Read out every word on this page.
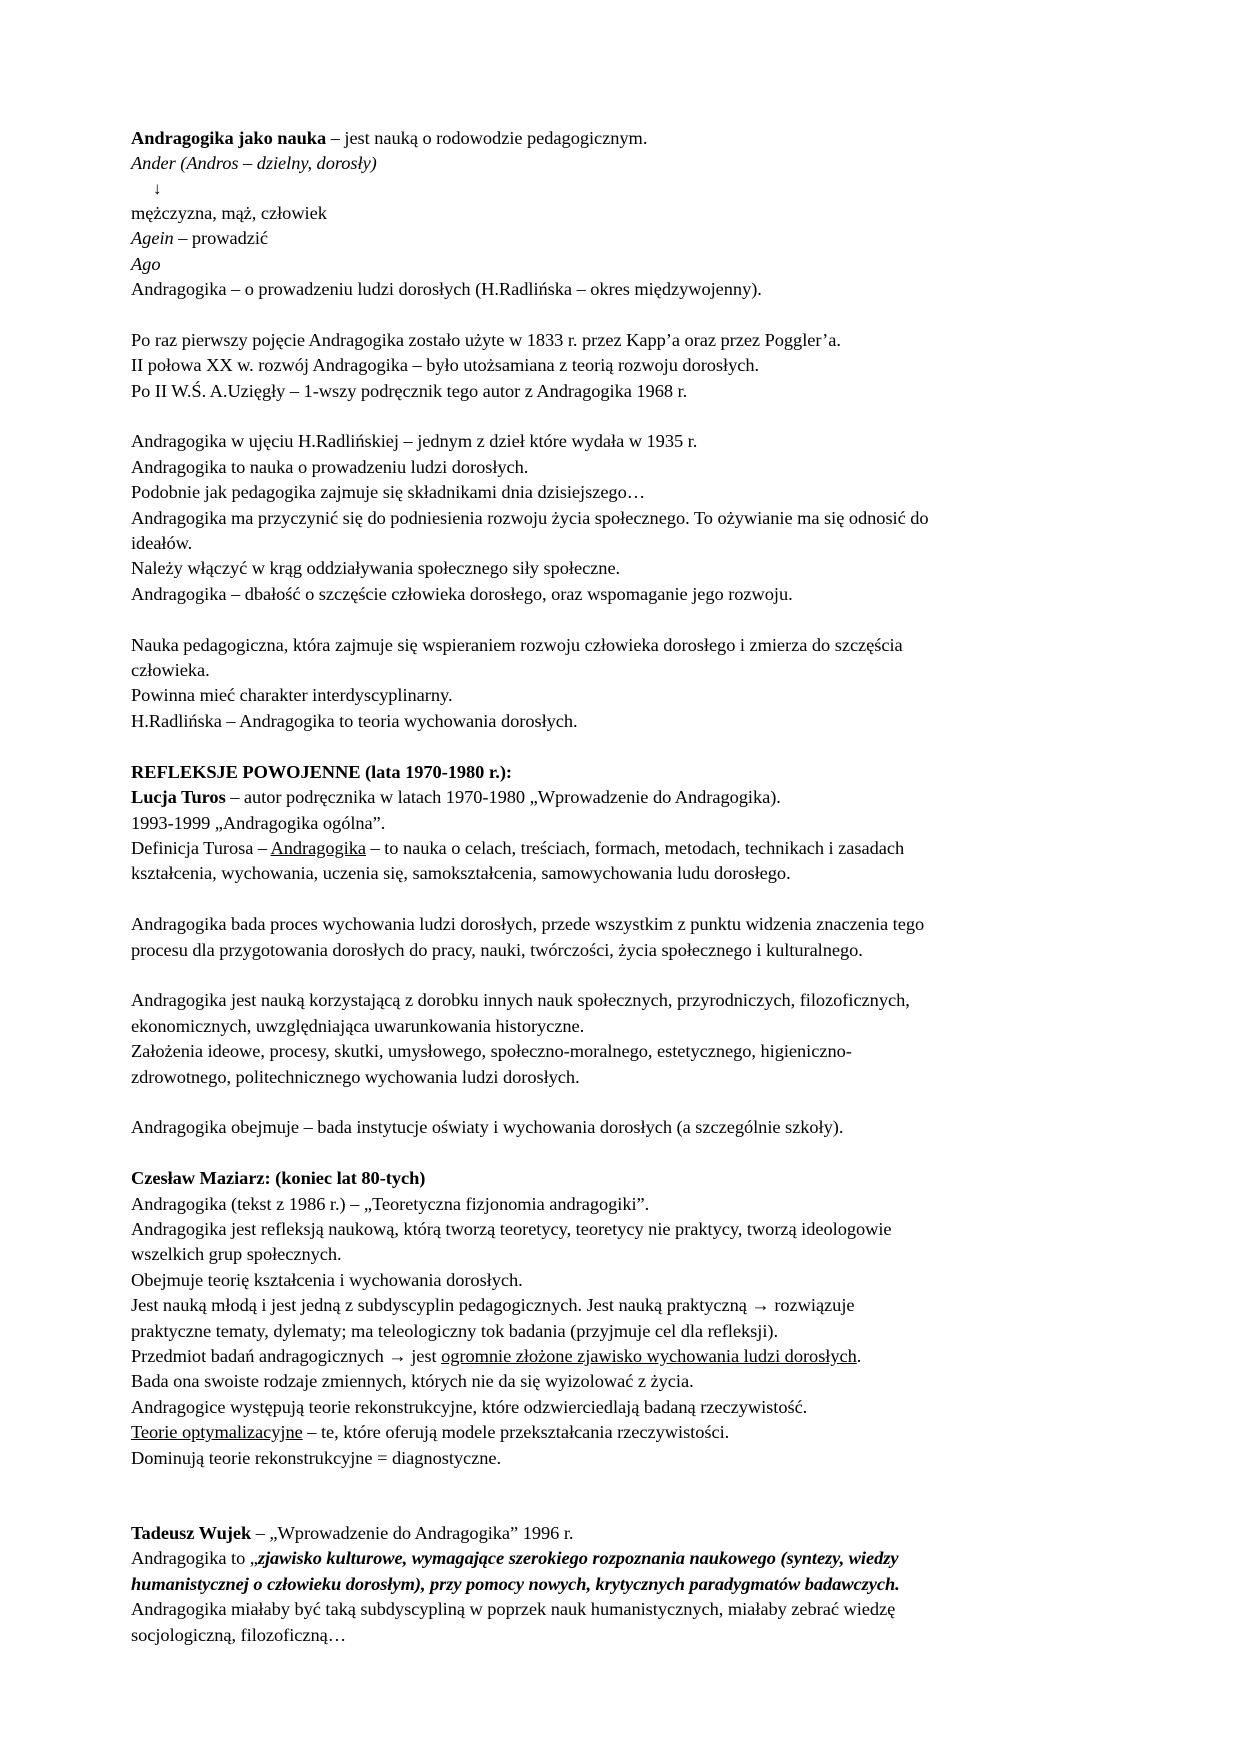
Andragogika jako nauka – jest nauką o rodowodzie pedagogicznym.
Ander (Andros – dzielny, dorosły)
↓
mężczyzna, mąż, człowiek
Agein – prowadzić
Ago
Andragogika – o prowadzeniu ludzi dorosłych (H.Radlińska – okres międzywojenny).
Po raz pierwszy pojęcie Andragogika zostało użyte w 1833 r. przez Kapp’a oraz przez Poggler’a.
II połowa XX w. rozwój Andragogika – było utożsamiana z teorią rozwoju dorosłych.
Po II W.Ś. A.Uzięgły – 1-wszy podręcznik tego autor z Andragogika 1968 r.
Andragogika w ujęciu H.Radlińskiej – jednym z dzieł które wydała w 1935 r.
Andragogika to nauka o prowadzeniu ludzi dorosłych.
Podobnie jak pedagogika zajmuje się składnikami dnia dzisiejszego…
Andragogika ma przyczynić się do podniesienia rozwoju życia społecznego. To ożywianie ma się odnosić do ideałów.
Należy włączyć w krąg oddziaływania społecznego siły społeczne.
Andragogika – dbałość o szczęście człowieka dorosłego, oraz wspomaganie jego rozwoju.
Nauka pedagogiczna, która zajmuje się wspieraniem rozwoju człowieka dorosłego i zmierza do szczęścia człowieka.
Powinna mieć charakter interdyscyplinarny.
H.Radlińska – Andragogika to teoria wychowania dorosłych.
REFLEKSJE POWOJENNE (lata 1970-1980 r.):
Lucja Turos – autor podręcznika w latach 1970-1980 „Wprowadzenie do Andragogika).
1993-1999 „Andragogika ogólna”.
Definicja Turosa – Andragogika – to nauka o celach, treściach, formach, metodach, technikach i zasadach kształcenia, wychowania, uczenia się, samokształcenia, samowychowania ludu dorosłego.
Andragogika bada proces wychowania ludzi dorosłych, przede wszystkim z punktu widzenia znaczenia tego procesu dla przygotowania dorosłych do pracy, nauki, twórczości, życia społecznego i kulturalnego.
Andragogika jest nauką korzystającą z dorobku innych nauk społecznych, przyrodniczych, filozoficznych, ekonomicznych, uwzględniająca uwarunkowania historyczne.
Założenia ideowe, procesy, skutki, umysłowego, społeczno-moralnego, estetycznego, higieniczno-zdrowotnego, politechnicznego wychowania ludzi dorosłych.
Andragogika obejmuje – bada instytucje oświaty i wychowania dorosłych (a szczególnie szkoły).
Czesław Maziarz: (koniec lat 80-tych)
Andragogika (tekst z 1986 r.) – „Teoretyczna fizjonomia andragogiki”.
Andragogika jest refleksją naukową, którą tworzą teoretycy, teoretycy nie praktycy, tworzą ideologowie wszelkich grup społecznych.
Obejmuje teorię kształcenia i wychowania dorosłych.
Jest nauką młodą i jest jedną z subdyscyplin pedagogicznych. Jest nauką praktyczną → rozwiązuje praktyczne tematy, dylematy; ma teleologiczny tok badania (przyjmuje cel dla refleksji).
Przedmiot badań andragogicznych → jest ogromnie złożone zjawisko wychowania ludzi dorosłych.
Bada ona swoiste rodzaje zmiennych, których nie da się wyizolować z życia.
Andragogice występują teorie rekonstrukcyjne, które odzwierciedlają badaną rzeczywistość.
Teorie optymalizacyjne – te, które oferują modele przekształcania rzeczywistości.
Dominują teorie rekonstrukcyjne = diagnostyczne.
Tadeusz Wujek – „Wprowadzenie do Andragogika” 1996 r.
Andragogika to „zjawisko kulturowe, wymagające szerokiego rozpoznania naukowego (syntezy, wiedzy humanistycznej o człowieku dorosłym), przy pomocy nowych, krytycznych paradygmatów badawczych.
Andragogika miałaby być taką subdyscypliną w poprzek nauk humanistycznych, miałaby zebrać wiedzę socjologiczną, filozoficzną…
